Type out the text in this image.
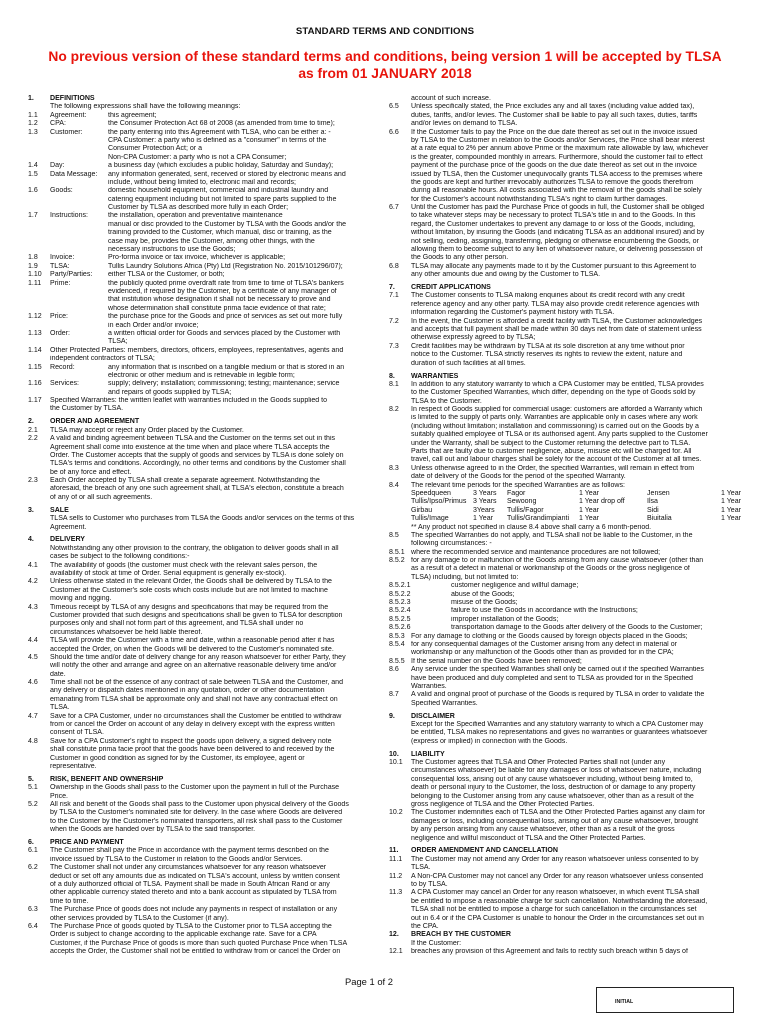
STANDARD TERMS AND CONDITIONS
No previous version of these standard terms and conditions, being version 1 will be accepted by TLSA as from 01 JANUARY 2018
1.	DEFINITIONS
The following expressions shall have the following meanings:
1.1	Agreement:	this agreement;
1.2	CPA:	the Consumer Protection Act 68 of 2008 (as amended from time to time);
1.3	Customer:	the party entering into this Agreement with TLSA, who can be either a: -
CPA Customer: a party who is defined as a "consumer" in terms of the
Consumer Protection Act; or a
Non-CPA Customer: a party who is not a CPA Consumer;
1.4	Day:	a business day (which excludes a public holiday, Saturday and Sunday);
1.5	Data Message:	any information generated, sent, received or stored by electronic means and
include, without being limited to, electronic mail and records;
1.6	Goods:	domestic household equipment, commercial and industrial laundry and
catering equipment including but not limited to spare parts supplied to the
Customer by TLSA as described more fully in each Order;
1.7	Instructions:	the installation, operation and preventative maintenance
manual or disc provided to the Customer by TLSA with the Goods and/or the
training provided to the Customer, which manual, disc or training, as the
case may be, provides the Customer, among other things, with the
necessary instructions to use the Goods;
1.8	Invoice:	Pro-forma invoice or tax invoice, whichever is applicable;
1.9	TLSA:	Tullis Laundry Solutions Africa (Pty) Ltd (Registration No. 2015/101296/07);
1.10	Party/Parties:	either TLSA or the Customer, or both;
1.11	Prime:	the publicly quoted prime overdraft rate from time to time of TLSA's bankers
evidenced, if required by the Customer, by a certificate of any manager of
that institution whose designation it shall not be necessary to prove and
whose determination shall constitute prima facie evidence of that rate;
1.12	Price:	the purchase price for the Goods and price of services as set out more fully
in each Order and/or invoice;
1.13	Order:	a written official order for Goods and services placed by the Customer with
TLSA;
1.14	Other Protected Parties: members, directors, officers, employees, representatives, agents and
independent contractors of TLSA;
1.15	Record:	any information that is inscribed on a tangible medium or that is stored in an
electronic or other medium and is retrievable in legible form;
1.16	Services:	supply; delivery; installation; commissioning; testing; maintenance; service
and repairs of goods supplied by TLSA;
1.17	Specified Warranties: the written leaflet with warranties included in the Goods supplied to
the Customer by TLSA.
2.	ORDER AND AGREEMENT
2.1	TLSA may accept or reject any Order placed by the Customer.
2.2	A valid and binding agreement between TLSA and the Customer on the terms set out in this
Agreement shall come into existence at the time when and place where TLSA accepts the
Order. The Customer accepts that the supply of goods and services by TLSA is done solely on
TLSA's terms and conditions. Accordingly, no other terms and conditions by the Customer shall
be of any force and effect.
2.3	Each Order accepted by TLSA shall create a separate agreement. Notwithstanding the
aforesaid, the breach of any one such agreement shall, at TLSA's election, constitute a breach
of any of or all such agreements.
3.	SALE
TLSA sells to Customer who purchases from TLSA the Goods and/or services on the terms of this
Agreement.
4.	DELIVERY
Notwithstanding any other provision to the contrary, the obligation to deliver goods shall in all
cases be subject to the following conditions:-
4.1	The availability of goods (the customer must check with the relevant sales person, the
availability of stock at time of Order. Serial equipment is generally ex-stock).
4.2	Unless otherwise stated in the relevant Order, the Goods shall be delivered by TLSA to the
Customer at the Customer's sole costs which costs include but are not limited to machine
moving and rigging.
4.3	Timeous receipt by TLSA of any designs and specifications that may be required from the
Customer provided that such designs and specifications shall be given to TLSA for description
purposes only and shall not form part of this agreement, and TLSA shall under no
circumstances whatsoever be held liable thereof.
4.4	TLSA will provide the Customer with a time and date, within a reasonable period after it has
accepted the Order, on when the Goods will be delivered to the Customer's nominated site.
4.5	Should the time and/or date of delivery change for any reason whatsoever for either Party, they
will notify the other and arrange and agree on an alternative reasonable delivery time and/or
date.
4.6	Time shall not be of the essence of any contract of sale between TLSA and the Customer, and
any delivery or dispatch dates mentioned in any quotation, order or other documentation
emanating from TLSA shall be approximate only and shall not have any contractual effect on
TLSA.
4.7	Save for a CPA Customer, under no circumstances shall the Customer be entitled to withdraw
from or cancel the Order on account of any delay in delivery except with the express written
consent of TLSA.
4.8	Save for a CPA Customer's right to inspect the goods upon delivery, a signed delivery note
shall constitute prima facie proof that the goods have been delivered to and received by the
Customer in good condition as signed for by the Customer, its employee, agent or
representative.
5.	RISK, BENEFIT AND OWNERSHIP
5.1	Ownership in the Goods shall pass to the Customer upon the payment in full of the Purchase
Price.
5.2	All risk and benefit of the Goods shall pass to the Customer upon physical delivery of the Goods
by TLSA to the Customer's nominated site for delivery. In the case where Goods are delivered
to the Customer by the Customer's nominated transporters, all risk shall pass to the Customer
when the Goods are handed over by TLSA to the said transporter.
6.	PRICE AND PAYMENT
6.1	The Customer shall pay the Price in accordance with the payment terms described on the
invoice issued by TLSA to the Customer in relation to the Goods and/or Services.
6.2	The Customer shall not under any circumstances whatsoever for any reason whatsoever
deduct or set off any amounts due as indicated on TLSA's account, unless by written consent
of a duly authorized official of TLSA. Payment shall be made in South African Rand or any
other applicable currency stated thereto and into a bank account as stipulated by TLSA from
time to time.
6.3	The Purchase Price of goods does not include any payments in respect of installation or any
other services provided by TLSA to the Customer (if any).
6.4	The Purchase Price of goods quoted by TLSA to the Customer prior to TLSA accepting the
Order is subject to change according to the applicable exchange rate. Save for a CPA
Customer, if the Purchase Price of goods is more than such quoted Purchase Price when TLSA
accepts the Order, the Customer shall not be entitled to withdraw from or cancel the Order on
account of such increase.
6.5	Unless specifically stated, the Price excludes any and all taxes (including value added tax),
duties, tariffs, and/or levies. The Customer shall be liable to pay all such taxes, duties, tariffs
and/or levies on demand to TLSA.
6.6	If the Customer fails to pay the Price on the due date thereof as set out in the invoice issued
by TLSA to the Customer in relation to the Goods and/or Services, the Price shall bear interest
at a rate equal to 2% per annum above Prime or the maximum rate allowable by law, whichever
is the greater, compounded monthly in arrears. Furthermore, should the customer fail to effect
payment of the purchase price of the goods on the due date thereof as set out in the invoice
issued by TLSA, then the Customer unequivocally grants TLSA access to the premises where
the goods are kept and further irrevocably authorizes TLSA to remove the goods therefrom
during all reasonable hours. All costs associated with the removal of the goods shall be solely
for the Customer's account notwithstanding TLSA's right to claim further damages.
6.7	Until the Customer has paid the Purchase Price of goods in full, the Customer shall be obliged
to take whatever steps may be necessary to protect TLSA's title in and to the Goods. In this
regard, the Customer undertakes to prevent any damage to or loss of the Goods, including,
without limitation, by insuring the Goods (and indicating TLSA as an additional insured) and by
not selling, ceding, assigning, transferring, pledging or otherwise encumbering the Goods, or
allowing them to become subject to any lien of whatsoever nature, or delivering possession of
the Goods to any other person.
6.8	TLSA may allocate any payments made to it by the Customer pursuant to this Agreement to
any other amounts due and owing by the Customer to TLSA.
7.	CREDIT APPLICATIONS
7.1	The Customer consents to TLSA making enquiries about its credit record with any credit
reference agency and any other party. TLSA may also provide credit reference agencies with
information regarding the Customer's payment history with TLSA.
7.2	In the event, the Customer is afforded a credit facility with TLSA, the Customer acknowledges
and accepts that full payment shall be made within 30 days net from date of statement unless
otherwise expressly agreed to by TLSA;
7.3	Credit facilities may be withdrawn by TLSA at its sole discretion at any time without prior
notice to the Customer. TLSA strictly reserves its rights to review the extent, nature and
duration of such facilities at all times.
8.	WARRANTIES
8.1	In addition to any statutory warranty to which a CPA Customer may be entitled, TLSA provides
to the Customer Specified Warranties, which differ, depending on the type of Goods sold by
TLSA to the Customer.
8.2	In respect of Goods supplied for commercial usage: customers are afforded a Warranty which
is limited to the supply of parts only. Warranties are applicable only in cases where any work
(including without limitation; installation and commissioning) is carried out on the Goods by a
suitably qualified employee of TLSA or its authorised agent. Any parts supplied to the Customer
under the Warranty, shall be subject to the Customer returning the defective part to TLSA.
Parts that are faulty due to customer negligence, abuse, misuse etc will be charged for. All
travel, call out and labour charges shall be solely for the account of the Customer at all times.
8.3	Unless otherwise agreed to in the Order, the specified Warranties, will remain in effect from
date of delivery of the Goods for the period of the specified Warranty.
8.4	The relevant time periods for the specified Warranties are as follows:
Speedqueen	3 Years	Fagor	1 Year	Jensen	1 Year
Tullis/Ipso/Primus 3 Years	Sewoong	1 Year drop off	Ilsa	1 Year
Girbau	3Years	Tullis/Fagor	1 Year	Sidi	1 Year
Tullis/Image	1 Year	Tullis/Grandimpianti	1 Year	Biuitalia	1 Year
** Any product not specified in clause 8.4 above shall carry a 6 month-period.
8.5	The specified Warranties do not apply, and TLSA shall not be liable to the Customer, in the
following circumstances: -
8.5.1 where the recommended service and maintenance procedures are not followed;
8.5.2 for any damage to or malfunction of the Goods arising from any cause whatsoever (other than
as a result of a defect in material or workmanship of the Goods or the gross negligence of
TLSA) including, but not limited to:
8.5.2.1	customer negligence and willful damage;
8.5.2.2	abuse of the Goods;
8.5.2.3	misuse of the Goods;
8.5.2.4	failure to use the Goods in accordance with the Instructions;
8.5.2.5	improper installation of the Goods;
8.5.2.6	transportation damage to the Goods after delivery of the Goods to the Customer;
8.5.3 For any damage to clothing or the Goods caused by foreign objects placed in the Goods;
8.5.4 for any consequential damages of the Customer arising from any defect in material or
workmanship or any malfunction of the Goods other than as provided for in the CPA;
8.5.5 If the serial number on the Goods have been removed;
8.6	Any service under the specified Warranties shall only be carried out if the specified Warranties
have been produced and duly completed and sent to TLSA as provided for in the Specified
Warranties.
8.7	A valid and original proof of purchase of the Goods is required by TLSA in order to validate the
Specified Warranties.
9.	DISCLAIMER
Except for the Specified Warranties and any statutory warranty to which a CPA Customer may
be entitled, TLSA makes no representations and gives no warranties or guarantees whatsoever
(express or implied) in connection with the Goods.
10.	LIABILITY
10.1	The Customer agrees that TLSA and Other Protected Parties shall not (under any
circumstances whatsoever) be liable for any damages or loss of whatsoever nature, including
consequential loss, arising out of any cause whatsoever including, without being limited to,
death or personal injury to the Customer, the loss, destruction of or damage to any property
belonging to the Customer arising from any cause whatsoever, other than as a result of the
gross negligence of TLSA and the Other Protected Parties.
10.2	The Customer indemnifies each of TLSA and the Other Protected Parties against any claim for
damages or loss, including consequential loss, arising out of any cause whatsoever, brought
by any person arising from any cause whatsoever, other than as a result of the gross
negligence and willful misconduct of TLSA and the Other Protected Parties.
11.	ORDER AMENDMENT AND CANCELLATION
11.1	The Customer may not amend any Order for any reason whatsoever unless consented to by
TLSA.
11.2	A Non-CPA Customer may not cancel any Order for any reason whatsoever unless consented
to by TLSA.
11.3	A CPA Customer may cancel an Order for any reason whatsoever, in which event TLSA shall
be entitled to impose a reasonable charge for such cancellation. Notwithstanding the aforesaid,
TLSA shall not be entitled to impose a charge for such cancellation in the circumstances set
out in 6.4 or if the CPA Customer is unable to honour the Order in the circumstances set out in
the CPA.
12.	BREACH BY THE CUSTOMER
If the Customer:
12.1	breaches any provision of this Agreement and fails to rectify such breach within 5 days of
Page 1 of 2
INITIAL
